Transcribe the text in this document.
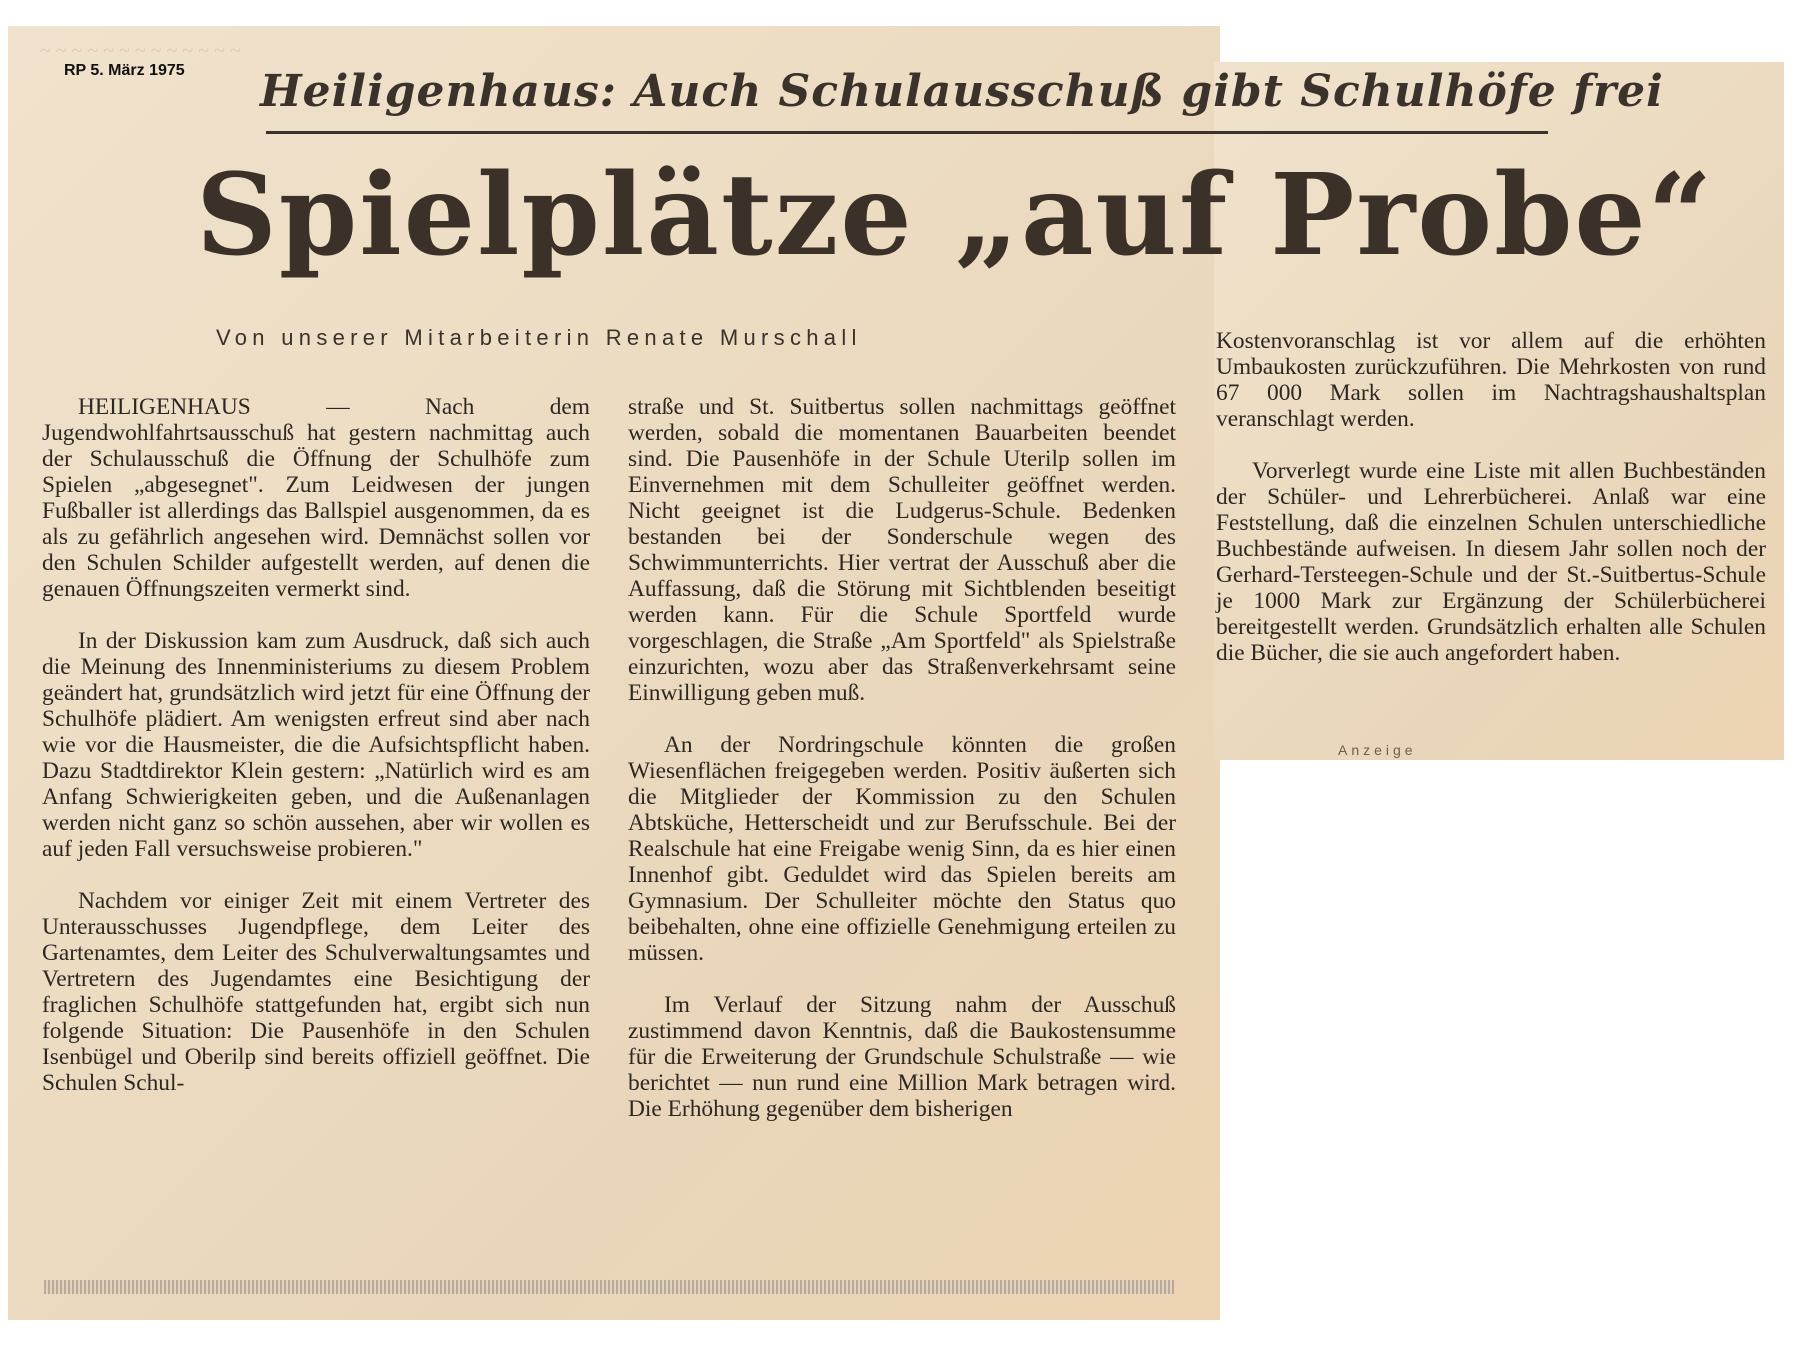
~ ~ ~ ~ ~ ~ ~ ~ ~ ~ ~ ~ ~
RP 5. März 1975 Heiligenhaus: Auch Schulausschuß gibt Schulhöfe frei
Spielplätze „auf Probe“
Von unserer Mitarbeiterin Renate Murschall

HEILIGENHAUS — Nach dem Jugendwohlfahrtsausschuß hat gestern nachmittag auch der Schulausschuß die Öffnung der Schulhöfe zum Spielen „abgesegnet". Zum Leidwesen der jungen Fußballer ist allerdings das Ballspiel ausgenommen, da es als zu gefährlich angesehen wird. Demnächst sollen vor den Schulen Schilder aufgestellt werden, auf denen die genauen Öffnungszeiten vermerkt sind.

In der Diskussion kam zum Ausdruck, daß sich auch die Meinung des Innenministeriums zu diesem Problem geändert hat, grundsätzlich wird jetzt für eine Öffnung der Schulhöfe plädiert. Am wenigsten erfreut sind aber nach wie vor die Hausmeister, die die Aufsichtspflicht haben. Dazu Stadtdirektor Klein gestern: „Natürlich wird es am Anfang Schwierigkeiten geben, und die Außenanlagen werden nicht ganz so schön aussehen, aber wir wollen es auf jeden Fall versuchsweise probieren."

Nachdem vor einiger Zeit mit einem Vertreter des Unterausschusses Jugendpflege, dem Leiter des Gartenamtes, dem Leiter des Schulverwaltungsamtes und Vertretern des Jugendamtes eine Besichtigung der fraglichen Schulhöfe stattgefunden hat, ergibt sich nun folgende Situation: Die Pausenhöfe in den Schulen Isenbügel und Oberilp sind bereits offiziell geöffnet. Die Schulen Schul-

straße und St. Suitbertus sollen nachmittags geöffnet werden, sobald die momentanen Bauarbeiten beendet sind. Die Pausenhöfe in der Schule Uterilp sollen im Einvernehmen mit dem Schulleiter geöffnet werden. Nicht geeignet ist die Ludgerus-Schule. Bedenken bestanden bei der Sonderschule wegen des Schwimmunterrichts. Hier vertrat der Ausschuß aber die Auffassung, daß die Störung mit Sichtblenden beseitigt werden kann. Für die Schule Sportfeld wurde vorgeschlagen, die Straße „Am Sportfeld" als Spielstraße einzurichten, wozu aber das Straßenverkehrsamt seine Einwilligung geben muß.

An der Nordringschule könnten die großen Wiesenflächen freigegeben werden. Positiv äußerten sich die Mitglieder der Kommission zu den Schulen Abtsküche, Hetterscheidt und zur Berufsschule. Bei der Realschule hat eine Freigabe wenig Sinn, da es hier einen Innenhof gibt. Geduldet wird das Spielen bereits am Gymnasium. Der Schulleiter möchte den Status quo beibehalten, ohne eine offizielle Genehmigung erteilen zu müssen.

Im Verlauf der Sitzung nahm der Ausschuß zustimmend davon Kenntnis, daß die Baukostensumme für die Erweiterung der Grundschule Schulstraße — wie berichtet — nun rund eine Million Mark betragen wird. Die Erhöhung gegenüber dem bisherigen

Kostenvoranschlag ist vor allem auf die erhöhten Umbaukosten zurückzuführen. Die Mehrkosten von rund 67 000 Mark sollen im Nachtragshaushaltsplan veranschlagt werden.

Vorverlegt wurde eine Liste mit allen Buchbeständen der Schüler- und Lehrerbücherei. Anlaß war eine Feststellung, daß die einzelnen Schulen unterschiedliche Buchbestände aufweisen. In diesem Jahr sollen noch der Gerhard-Tersteegen-Schule und der St.-Suitbertus-Schule je 1000 Mark zur Ergänzung der Schülerbücherei bereitgestellt werden. Grundsätzlich erhalten alle Schulen die Bücher, die sie auch angefordert haben.

Anzeige
